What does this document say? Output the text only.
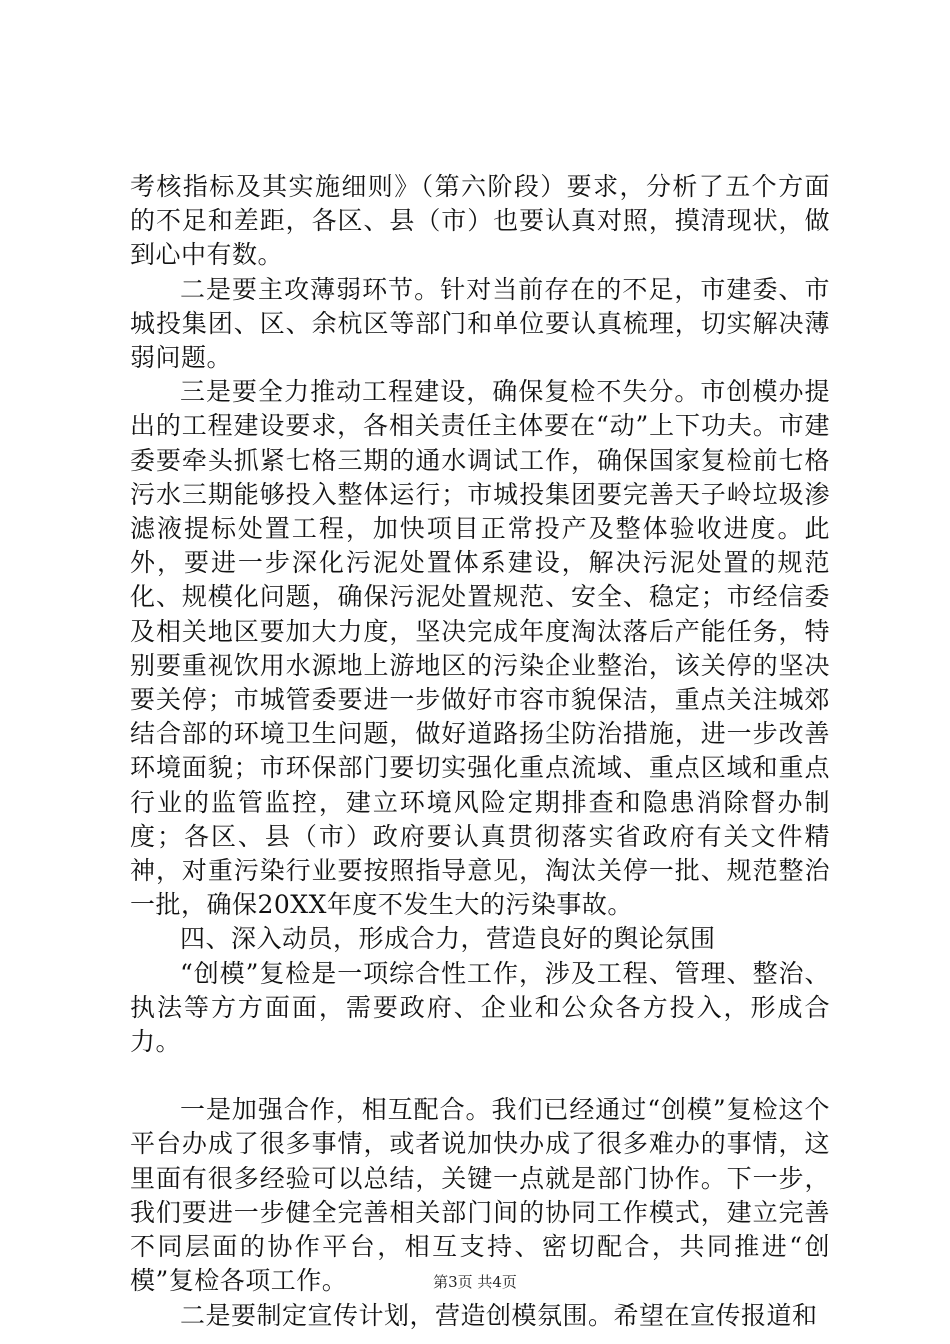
考核指标及其实施细则》（第六阶段）要求，分析了五个方面的不足和差距，各区、县（市）也要认真对照，摸清现状，做到心中有数。

二是要主攻薄弱环节。针对当前存在的不足，市建委、市城投集团、区、余杭区等部门和单位要认真梳理，切实解决薄弱问题。

三是要全力推动工程建设，确保复检不失分。市创模办提出的工程建设要求，各相关责任主体要在“动”上下功夫。市建委要牵头抓紧七格三期的通水调试工作，确保国家复检前七格污水三期能够投入整体运行；市城投集团要完善天子岭垃圾渗滤液提标处置工程，加快项目正常投产及整体验收进度。此外，要进一步深化污泥处置体系建设，解决污泥处置的规范化、规模化问题，确保污泥处置规范、安全、稳定；市经信委及相关地区要加大力度，坚决完成年度淘汰落后产能任务，特别要重视饮用水源地上游地区的污染企业整治，该关停的坚决要关停；市城管委要进一步做好市容市貌保洁，重点关注城郊结合部的环境卫生问题，做好道路扬尘防治措施，进一步改善环境面貌；市环保部门要切实强化重点流域、重点区域和重点行业的监管监控，建立环境风险定期排查和隐患消除督办制度；各区、县（市）政府要认真贯彻落实省政府有关文件精神，对重污染行业要按照指导意见，淘汰关停一批、规范整治一批，确保20XX年度不发生大的污染事故。

四、深入动员，形成合力，营造良好的舆论氛围

“创模”复检是一项综合性工作，涉及工程、管理、整治、执法等方方面面，需要政府、企业和公众各方投入，形成合力。

一是加强合作，相互配合。我们已经通过“创模”复检这个平台办成了很多事情，或者说加快办成了很多难办的事情，这里面有很多经验可以总结，关键一点就是部门协作。下一步，我们要进一步健全完善相关部门间的协同工作模式，建立完善不同层面的协作平台，相互支持、密切配合，共同推进“创模”复检各项工作。

二是要制定宣传计划，营造创模氛围。希望在宣传报道和

第3页 共4页
